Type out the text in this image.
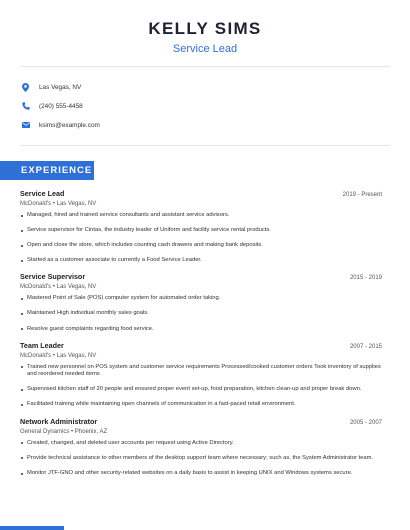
KELLY SIMS
Service Lead
Las Vegas, NV
(240) 555-4458
ksims@example.com
EXPERIENCE
Service Lead	2019 - Present
McDonald's • Las Vegas, NV
Managed, hired and trained service consultants and assistant service advisors.
Service supervisor for Cintas, the industry leader of Uniform and facility service rental products.
Open and close the store, which includes counting cash drawers and making bank deposits.
Started as a customer associate to currently a Food Service Leader.
Service Supervisor	2015 - 2019
McDonald's • Las Vegas, NV
Mastered Point of Sale (POS) computer system for automated order taking.
Maintained High individual monthly sales goals.
Resolve guest complaints regarding food service.
Team Leader	2007 - 2015
McDonald's • Las Vegas, NV
Trained new personnel on POS system and customer service requirements Processed/cooked customer orders Took inventory of supplies and reordered needed items
Supervised kitchen staff of 20 people and ensured proper event set-up, food preparation, kitchen clean-up and proper break down.
Facilitated training while maintaining open channels of communication in a fast-paced retail environment.
Network Administrator	2005 - 2007
General Dynamics • Phoenix, AZ
Created, changed, and deleted user accounts per request using Active Directory.
Provide technical assistance to other members of the desktop support team where necessary; such as, the System Administrator team.
Monitor JTF-GNO and other security-related websites on a daily basis to assist in keeping UNIX and Windows systems secure.
